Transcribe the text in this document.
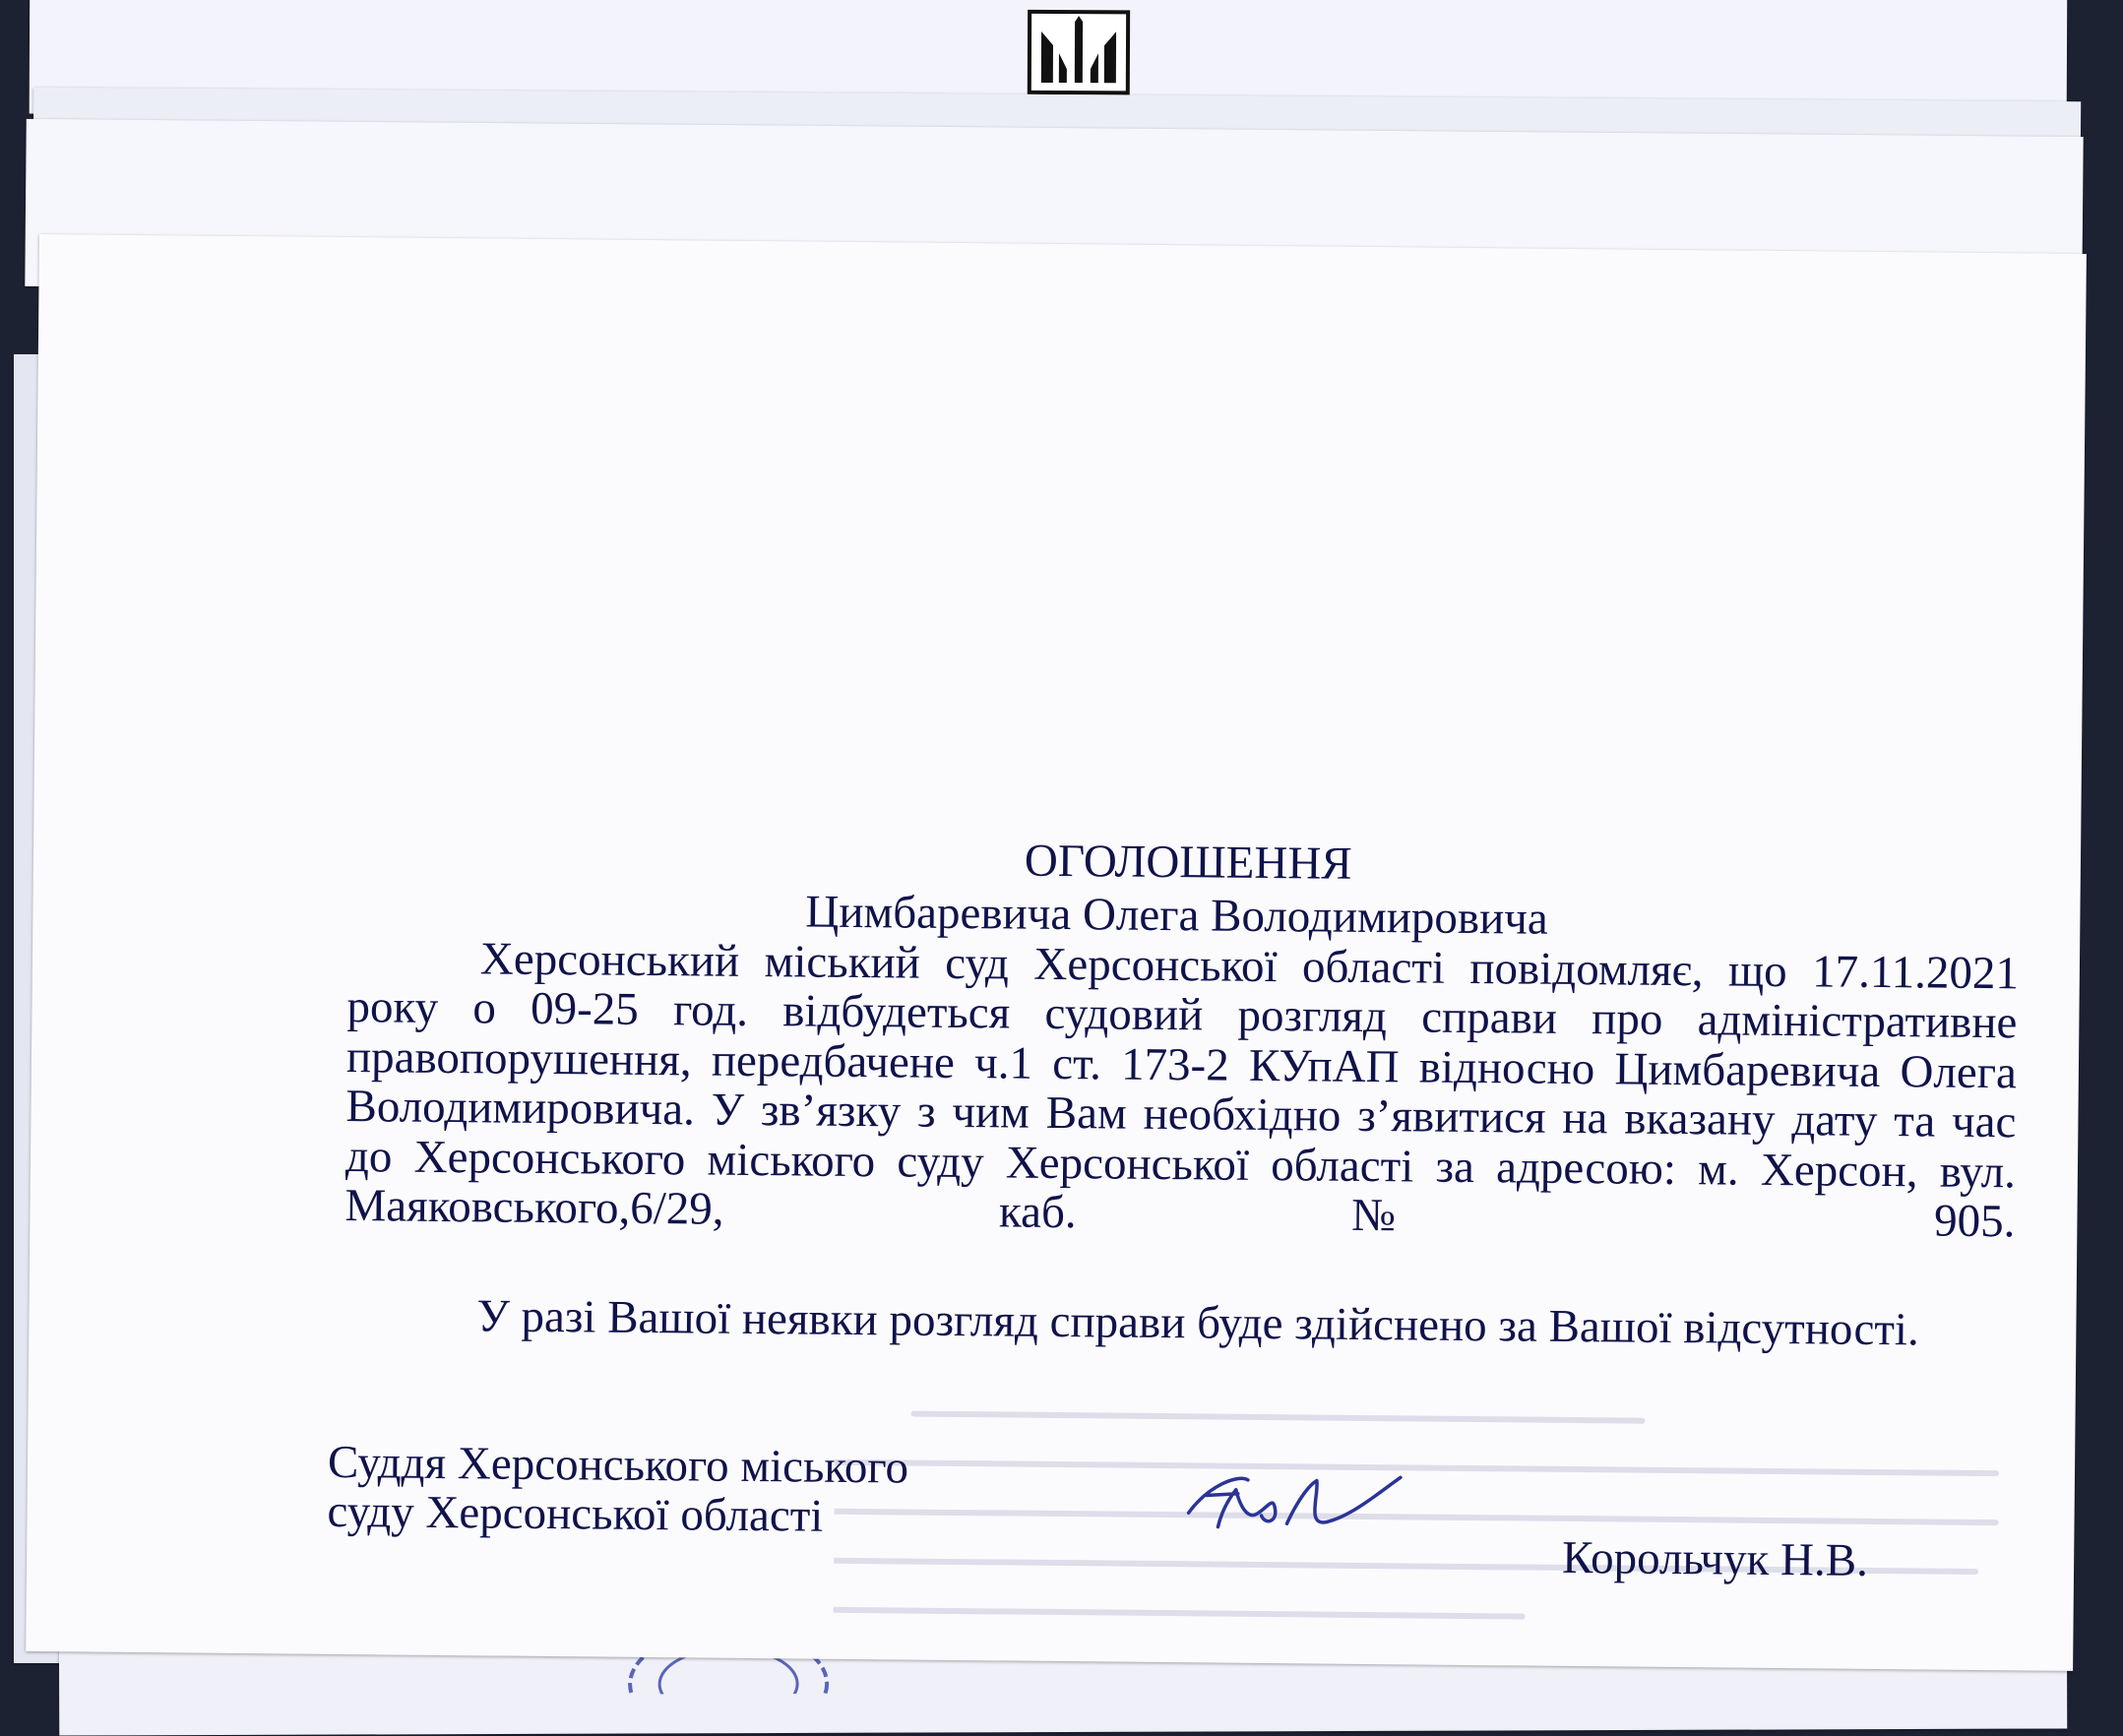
ОГОЛОШЕННЯ
Цимбаревича Олега Володимировича
Херсонський міський суд Херсонської області повідомляє, що 17.11.2021
року о 09-25 год. відбудеться судовий розгляд справи про адміністративне
правопорушення, передбачене ч.1 ст. 173-2 КУпАП відносно Цимбаревича Олега
Володимировича. У зв’язку з чим Вам необхідно з’явитися на вказану дату та час
до Херсонського міського суду Херсонської області за адресою: м. Херсон, вул.
Маяковського,6/29, каб. № 905.
У разі Вашої неявки розгляд справи буде здійснено за Вашої відсутності.
Суддя Херсонського міського
суду Херсонської області
Корольчук Н.В.
